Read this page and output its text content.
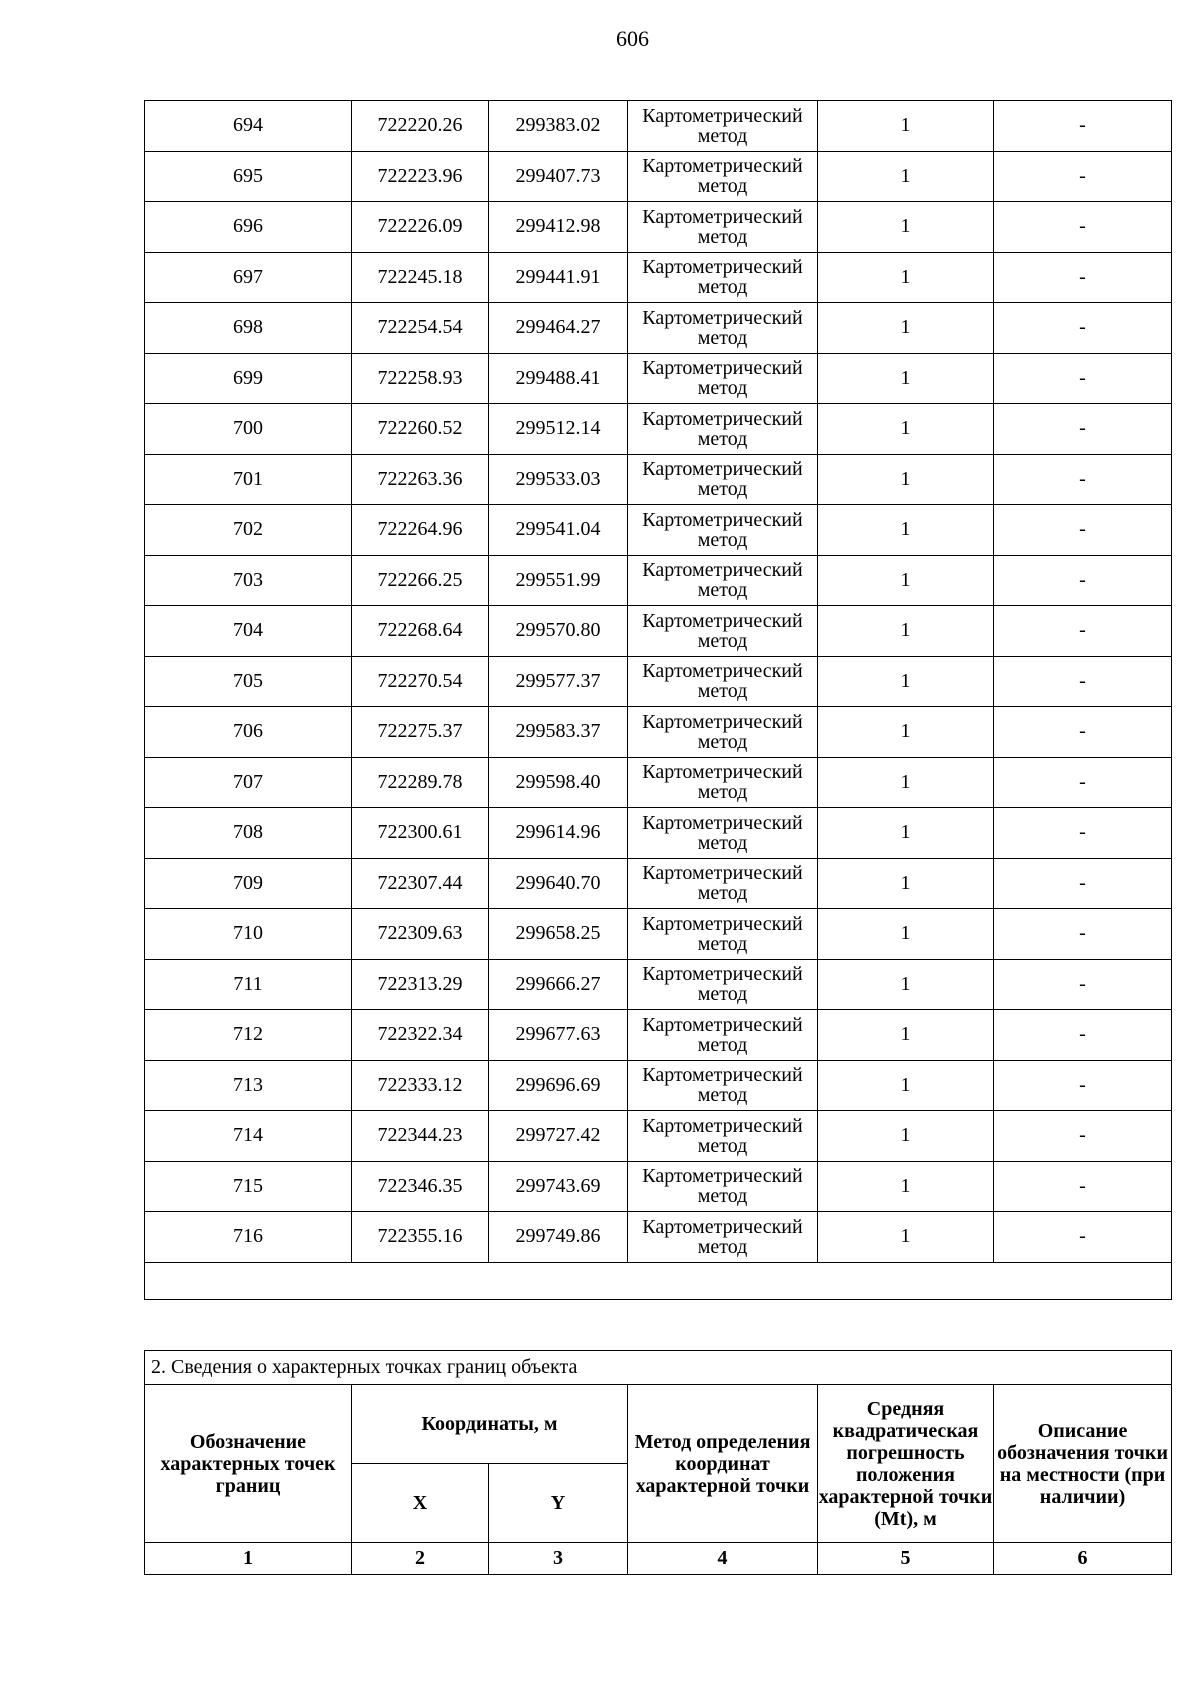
606
694	722220.26	299383.02	Картометрический метод	1	-
695	722223.96	299407.73	Картометрический метод	1	-
696	722226.09	299412.98	Картометрический метод	1	-
697	722245.18	299441.91	Картометрический метод	1	-
698	722254.54	299464.27	Картометрический метод	1	-
699	722258.93	299488.41	Картометрический метод	1	-
700	722260.52	299512.14	Картометрический метод	1	-
701	722263.36	299533.03	Картометрический метод	1	-
702	722264.96	299541.04	Картометрический метод	1	-
703	722266.25	299551.99	Картометрический метод	1	-
704	722268.64	299570.80	Картометрический метод	1	-
705	722270.54	299577.37	Картометрический метод	1	-
706	722275.37	299583.37	Картометрический метод	1	-
707	722289.78	299598.40	Картометрический метод	1	-
708	722300.61	299614.96	Картометрический метод	1	-
709	722307.44	299640.70	Картометрический метод	1	-
710	722309.63	299658.25	Картометрический метод	1	-
711	722313.29	299666.27	Картометрический метод	1	-
712	722322.34	299677.63	Картометрический метод	1	-
713	722333.12	299696.69	Картометрический метод	1	-
714	722344.23	299727.42	Картометрический метод	1	-
715	722346.35	299743.69	Картометрический метод	1	-
716	722355.16	299749.86	Картометрический метод	1	-

2. Сведения о характерных точках границ объекта					
Обозначение характерных точек границ	Координаты, м		Метод определения координат характерной точки	Средняя квадратическая погрешность положения характерной точки (Mt), м	Описание обозначения точки на местности (при наличии)
	X	Y			
1	2	3	4	5	6
